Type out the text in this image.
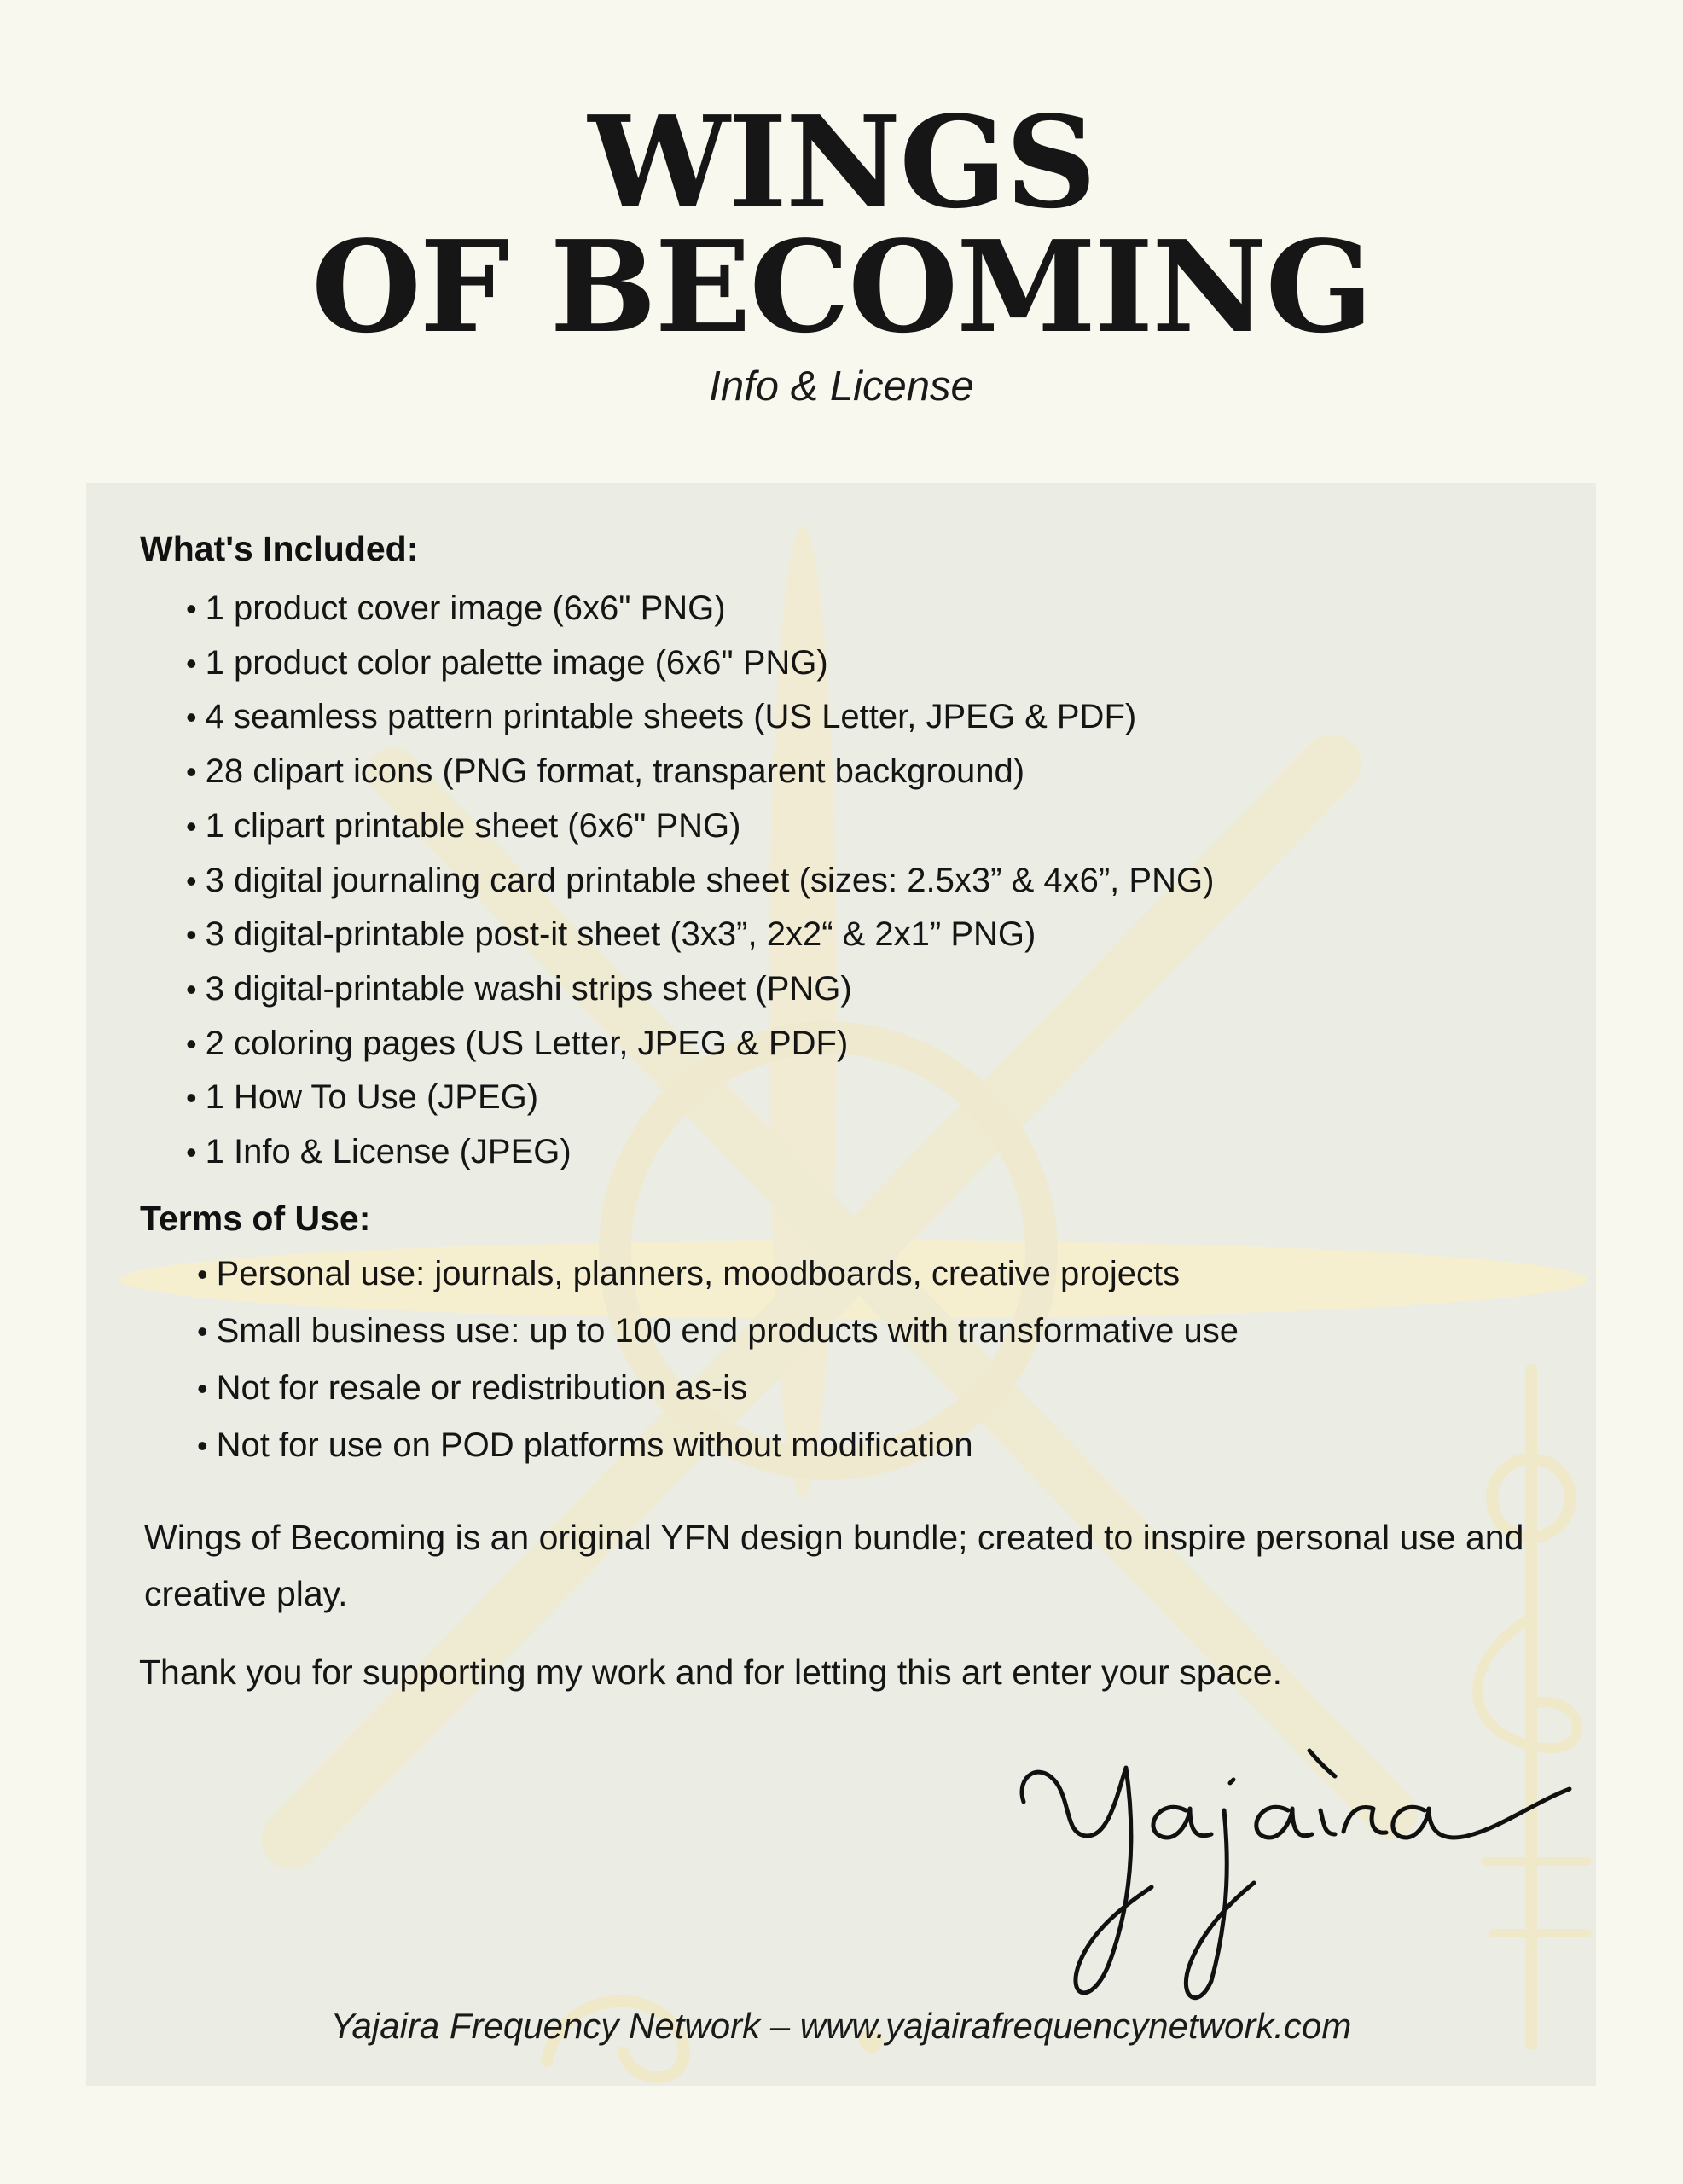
WINGS
OF BECOMING
Info & License
What's Included:
• 1 product cover image (6x6" PNG)
• 1 product color palette image (6x6" PNG)
• 4 seamless pattern printable sheets (US Letter, JPEG & PDF)
• 28 clipart icons (PNG format, transparent background)
• 1 clipart printable sheet (6x6" PNG)
• 3 digital journaling card printable sheet (sizes: 2.5x3” & 4x6”, PNG)
• 3 digital-printable post-it sheet (3x3”, 2x2“ & 2x1” PNG)
• 3 digital-printable washi strips sheet (PNG)
• 2 coloring pages (US Letter, JPEG & PDF)
• 1 How To Use (JPEG)
• 1 Info & License (JPEG)
Terms of Use:
• Personal use: journals, planners, moodboards, creative projects
• Small business use: up to 100 end products with transformative use
• Not for resale or redistribution as-is
• Not for use on POD platforms without modification

Wings of Becoming is an original YFN design bundle; created to inspire personal use and creative play.

Thank you for supporting my work and for letting this art enter your space.

Yajaira Frequency Network – www.yajairafrequencynetwork.com
